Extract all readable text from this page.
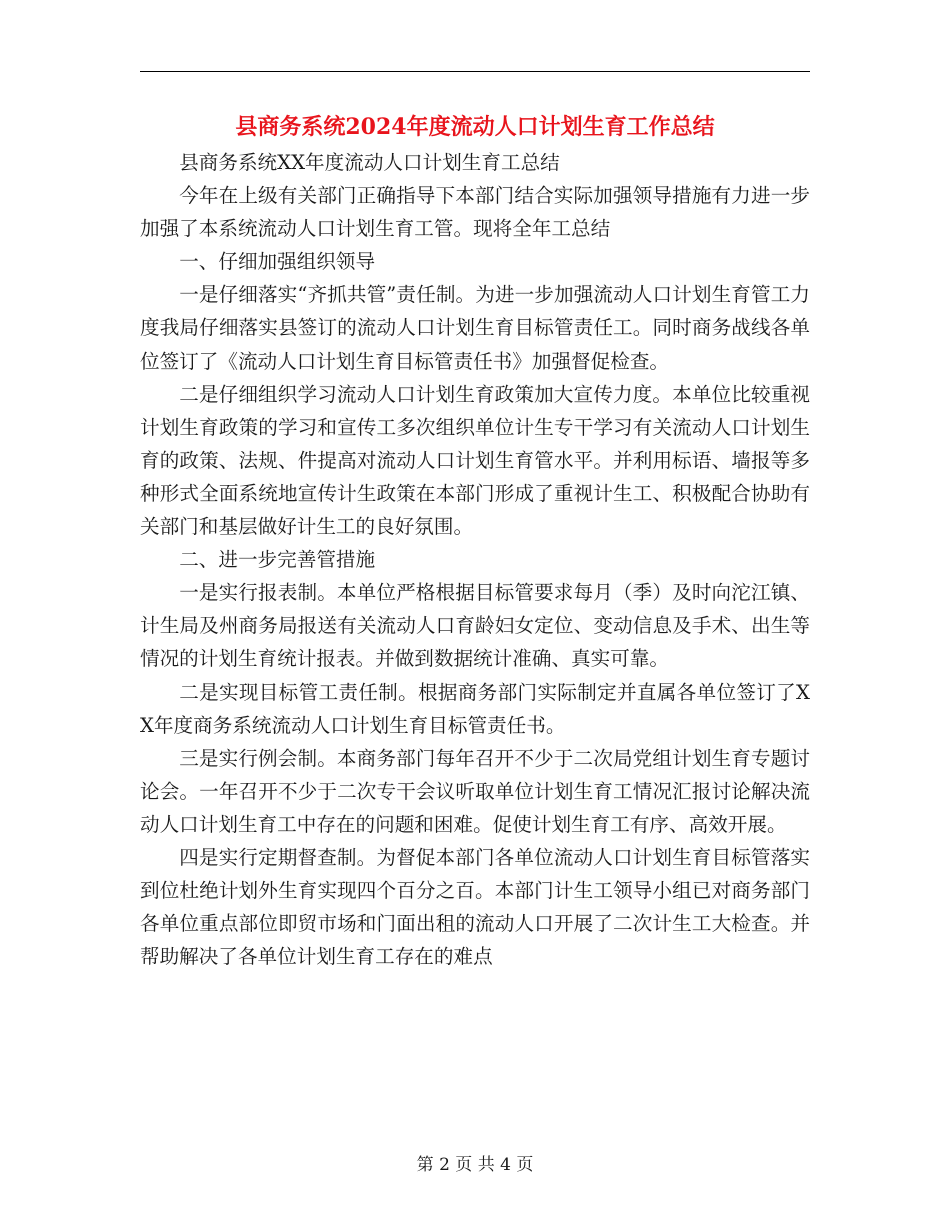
县商务系统2024年度流动人口计划生育工作总结

县商务系统XX年度流动人口计划生育工总结

今年在上级有关部门正确指导下本部门结合实际加强领导措施有力进一步加强了本系统流动人口计划生育工管。现将全年工总结

一、仔细加强组织领导

一是仔细落实“齐抓共管”责任制。为进一步加强流动人口计划生育管工力度我局仔细落实县签订的流动人口计划生育目标管责任工。同时商务战线各单位签订了《流动人口计划生育目标管责任书》加强督促检查。

二是仔细组织学习流动人口计划生育政策加大宣传力度。本单位比较重视计划生育政策的学习和宣传工多次组织单位计生专干学习有关流动人口计划生育的政策、法规、件提高对流动人口计划生育管水平。并利用标语、墙报等多种形式全面系统地宣传计生政策在本部门形成了重视计生工、积极配合协助有关部门和基层做好计生工的良好氛围。

二、进一步完善管措施

一是实行报表制。本单位严格根据目标管要求每月（季）及时向沱江镇、计生局及州商务局报送有关流动人口育龄妇女定位、变动信息及手术、出生等情况的计划生育统计报表。并做到数据统计准确、真实可靠。

二是实现目标管工责任制。根据商务部门实际制定并直属各单位签订了XX年度商务系统流动人口计划生育目标管责任书。

三是实行例会制。本商务部门每年召开不少于二次局党组计划生育专题讨论会。一年召开不少于二次专干会议听取单位计划生育工情况汇报讨论解决流动人口计划生育工中存在的问题和困难。促使计划生育工有序、高效开展。

四是实行定期督查制。为督促本部门各单位流动人口计划生育目标管落实到位杜绝计划外生育实现四个百分之百。本部门计生工领导小组已对商务部门各单位重点部位即贸市场和门面出租的流动人口开展了二次计生工大检查。并帮助解决了各单位计划生育工存在的难点

第 2 页 共 4 页
